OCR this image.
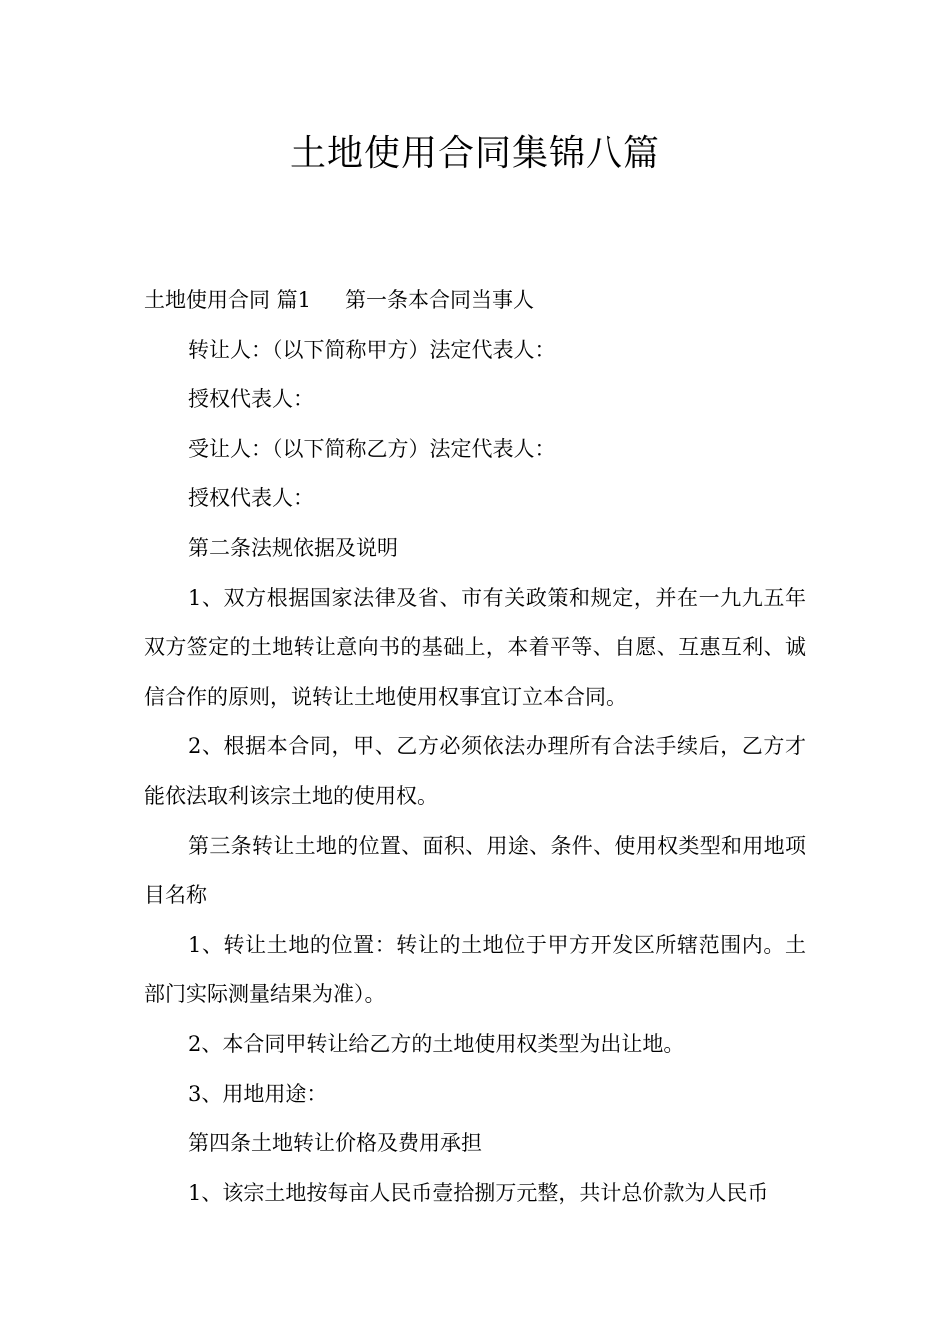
土地使用合同集锦八篇

土地使用合同 篇1 第一条本合同当事人

转让人：（以下简称甲方）法定代表人：

授权代表人：

受让人：（以下简称乙方）法定代表人：

授权代表人：

第二条法规依据及说明

1、双方根据国家法律及省、市有关政策和规定，并在一九九五年双方签定的土地转让意向书的基础上，本着平等、自愿、互惠互利、诚信合作的原则，说转让土地使用权事宜订立本合同。

2、根据本合同，甲、乙方必须依法办理所有合法手续后，乙方才能依法取利该宗土地的使用权。

第三条转让土地的位置、面积、用途、条件、使用权类型和用地项目名称

1、转让土地的位置：转让的土地位于甲方开发区所辖范围内。土部门实际测量结果为准）。

2、本合同甲转让给乙方的土地使用权类型为出让地。

3、用地用途：

第四条土地转让价格及费用承担

1、该宗土地按每亩人民币壹拾捌万元整，共计总价款为人民币
